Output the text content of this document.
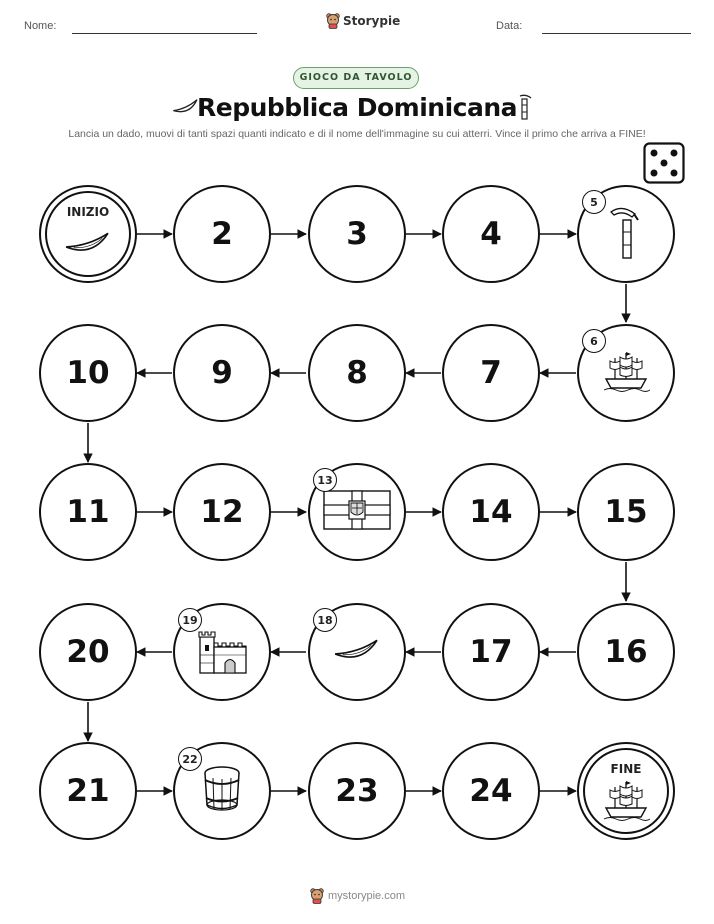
Nome:	Data:
Storypie
GIOCO DA TAVOLO
Repubblica Dominicana
Lancia un dado, muovi di tanti spazi quanti indicato e di il nome dell'immagine su cui atterri. Vince il primo che arriva a FINE!
INIZIO
2	3	4
5
6
7
8
9
10
11	12
13
14	15
16
17
18
19
20
21
22
23	24
FINE
mystorypie.com
